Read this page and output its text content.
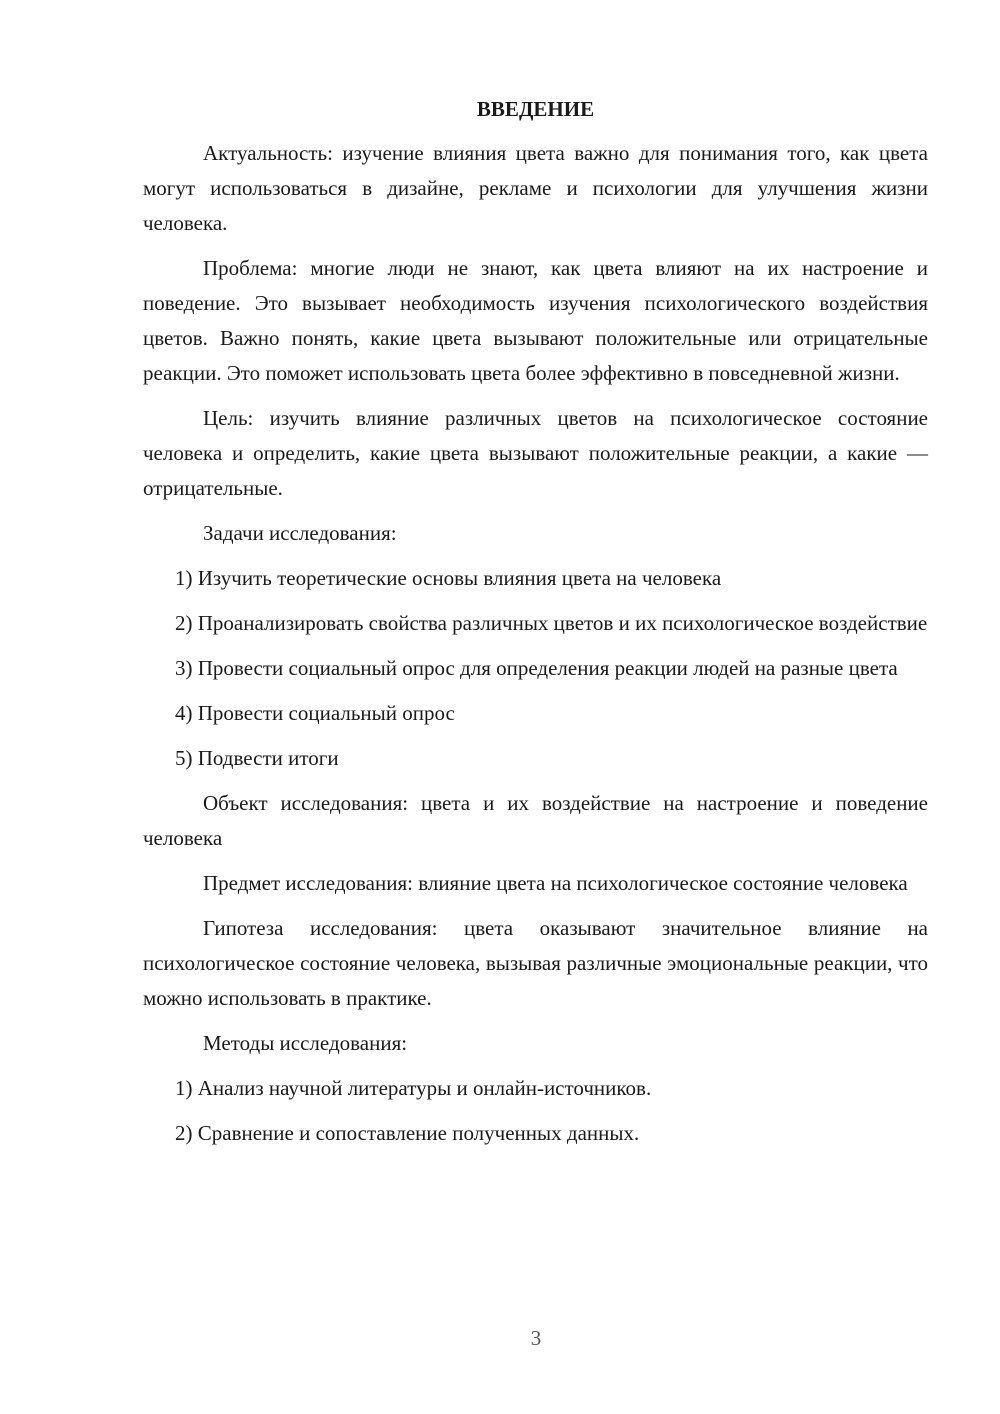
ВВЕДЕНИЕ

Актуальность: изучение влияния цвета важно для понимания того, как цвета могут использоваться в дизайне, рекламе и психологии для улучшения жизни человека.

Проблема: многие люди не знают, как цвета влияют на их настроение и поведение. Это вызывает необходимость изучения психологического воздействия цветов. Важно понять, какие цвета вызывают положительные или отрицательные реакции. Это поможет использовать цвета более эффективно в повседневной жизни.

Цель: изучить влияние различных цветов на психологическое состояние человека и определить, какие цвета вызывают положительные реакции, а какие — отрицательные.

Задачи исследования:

1) Изучить теоретические основы влияния цвета на человека

2) Проанализировать свойства различных цветов и их психологическое воздействие

3) Провести социальный опрос для определения реакции людей на разные цвета

4) Провести социальный опрос

5) Подвести итоги

Объект исследования: цвета и их воздействие на настроение и поведение человека

Предмет исследования: влияние цвета на психологическое состояние человека

Гипотеза исследования: цвета оказывают значительное влияние на психологическое состояние человека, вызывая различные эмоциональные реакции, что можно использовать в практике.

Методы исследования:

1) Анализ научной литературы и онлайн-источников.

2) Сравнение и сопоставление полученных данных.

3
